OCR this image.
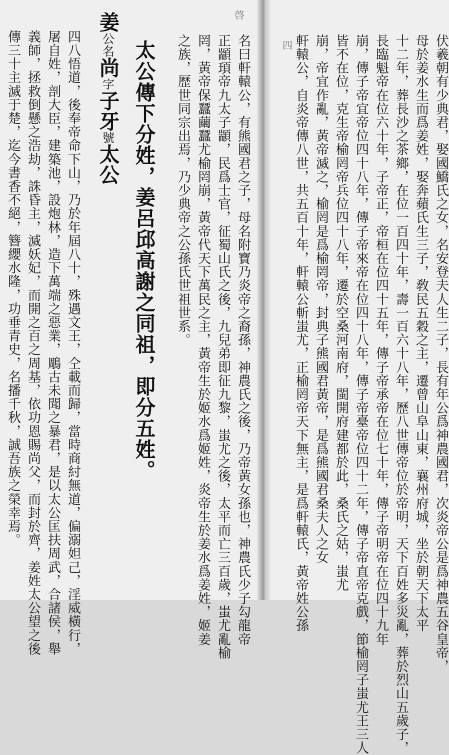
伏羲朝有少典君，娶國鱎氏之女，名安登夫人生二子，長有年公爲神農國君，次炎帝公是爲神農五谷皇帝，
母於姜水生而爲姜姓，娶奔蘋氏生三子，敎民五穀之主，遷曾山阜山東，襄州府城，坐於朝天下太平
十二年，葬長沙之茶鄉，在位一百四十年，壽一百六十八年，歷八世傳帝位於帝明，天下百姓多災亂，葬於烈山五歲子，
長臨魁帝在位六十年，子帝正，帝桓在位四十五年，傳子帝承帝在位七十年，傳子帝明帝在位四十九年
崩，傳子帝宜帝位四十八年，傳子帝來帝在位四十八年，傳子帝臺帝位四十二年，傳子帝直帝克戲，節榆罔子蚩尤王三人
皆不在位，克生帝榆罔帝兵位四十八年，遷於空桑河南府，閩開府建都於此，桑氏之姑，蚩尤
崩，帝宜作亂，黃帝滅之，榆罔是爲榆罔帝，封典子熊國君黃帝，是爲熊國君桑夫人之女
軒轅公，自炎帝傳八世，共五百十年，軒轅公斬蚩尤，正榆罔帝天下無主，是爲軒轅氏，黃帝姓公孫
啓
四
名曰軒轅公，有熊國君之子，母名附寶乃炎帝之裔孫，神農氏之後，乃帝黃女孫也，神農氏少子勾龍帝
正顓頊帝九太子顓，民爲士官，征蜀山氏之後，九兒弟即征九黎，蚩尤之後，太平而亡三百歲，蚩尤亂榆
罔，黃帝保蠶繭蠶尤榆罔崩，黃帝代天下萬民之主，黃帝生於姬水爲姬姓，炎帝生於姜水爲姜姓，姬姜
之族，歷世同宗出焉，乃少典帝之公孫氏世祖世系。
太公傳下分姓，姜呂邱高謝之同祖，即分五姓。
姜公名尚字子牙號太公
四八悟道，後奉帝命下山，乃於年屆八十，殊遇文王，仝載而歸，當時商紂無道，偏溺妲己，淫威橫行，
屠自姓，剖大臣，建築池，設炮林，造下萬端之惡業，鵰古未聞之暴君，是以太公匡扶周武，合諸侯，舉
義師，拯救倒懸之浩劫，誅昏主，滅妖妃，而開之百之周基，依功恩賜尚父，而封於齊，姜姓太公望之後
傳三十主滅于楚，迄今書香不絕，簪纓水隆，功垂青史，名播千秋，誠吾族之榮幸焉。
